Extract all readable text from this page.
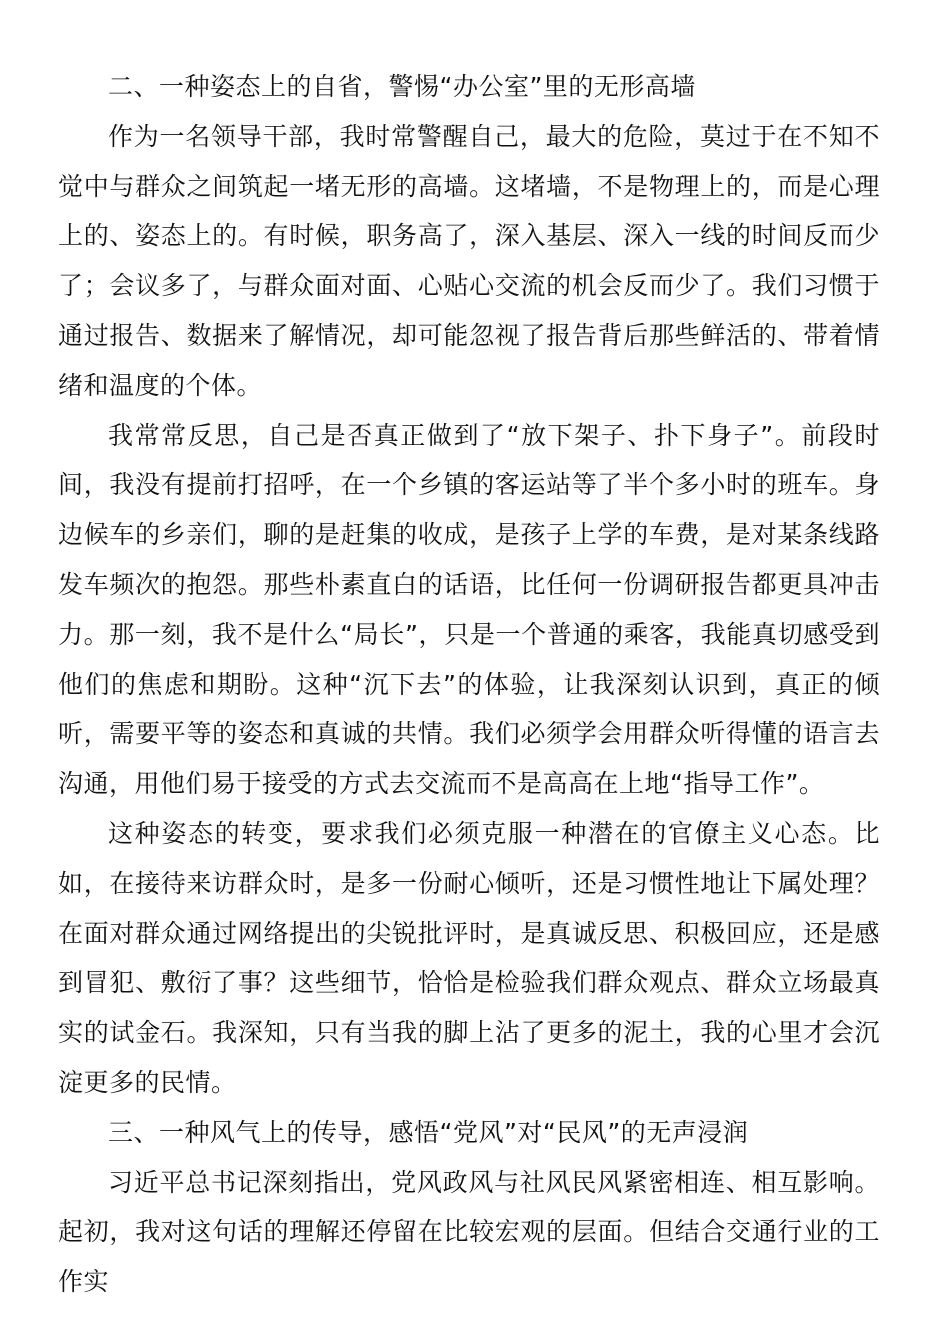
二、一种姿态上的自省，警惕“办公室”里的无形高墙

作为一名领导干部，我时常警醒自己，最大的危险，莫过于在不知不觉中与群众之间筑起一堵无形的高墙。这堵墙，不是物理上的，而是心理上的、姿态上的。有时候，职务高了，深入基层、深入一线的时间反而少了；会议多了，与群众面对面、心贴心交流的机会反而少了。我们习惯于通过报告、数据来了解情况，却可能忽视了报告背后那些鲜活的、带着情绪和温度的个体。

我常常反思，自己是否真正做到了“放下架子、扑下身子”。前段时间，我没有提前打招呼，在一个乡镇的客运站等了半个多小时的班车。身边候车的乡亲们，聊的是赶集的收成，是孩子上学的车费，是对某条线路发车频次的抱怨。那些朴素直白的话语，比任何一份调研报告都更具冲击力。那一刻，我不是什么“局长”，只是一个普通的乘客，我能真切感受到他们的焦虑和期盼。这种“沉下去”的体验，让我深刻认识到，真正的倾听，需要平等的姿态和真诚的共情。我们必须学会用群众听得懂的语言去沟通，用他们易于接受的方式去交流而不是高高在上地“指导工作”。

这种姿态的转变，要求我们必须克服一种潜在的官僚主义心态。比如，在接待来访群众时，是多一份耐心倾听，还是习惯性地让下属处理？在面对群众通过网络提出的尖锐批评时，是真诚反思、积极回应，还是感到冒犯、敷衍了事？这些细节，恰恰是检验我们群众观点、群众立场最真实的试金石。我深知，只有当我的脚上沾了更多的泥土，我的心里才会沉淀更多的民情。

三、一种风气上的传导，感悟“党风”对“民风”的无声浸润

习近平总书记深刻指出，党风政风与社风民风紧密相连、相互影响。起初，我对这句话的理解还停留在比较宏观的层面。但结合交通行业的工作实
